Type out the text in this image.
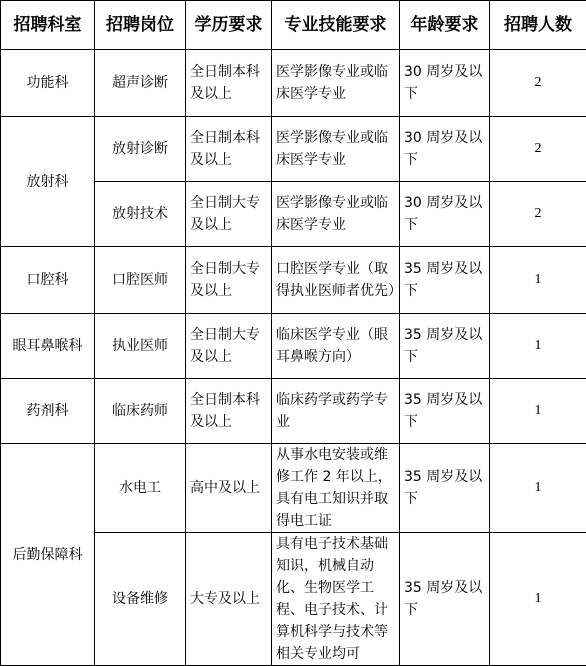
招聘科室	招聘岗位	学历要求	专业技能要求	年龄要求	招聘人数
功能科	超声诊断	全日制本科及以上	医学影像专业或临床医学专业	30 周岁及以下	2
放射科	放射诊断	全日制本科及以上	医学影像专业或临床医学专业	30 周岁及以下	2
	放射技术	全日制大专及以上	医学影像专业或临床医学专业	30 周岁及以下	2
口腔科	口腔医师	全日制大专及以上	口腔医学专业（取得执业医师者优先）	35 周岁及以下	1
眼耳鼻喉科	执业医师	全日制大专及以上	临床医学专业（眼耳鼻喉方向）	35 周岁及以下	1
药剂科	临床药师	全日制本科及以上	临床药学或药学专业	35 周岁及以下	1
后勤保障科	水电工	高中及以上	从事水电安装或维修工作 2 年以上，具有电工知识并取得电工证	35 周岁及以下	1
	设备维修	大专及以上	具有电子技术基础知识，机械自动化、生物医学工程、电子技术、计算机科学与技术等相关专业均可	35 周岁及以下	1
